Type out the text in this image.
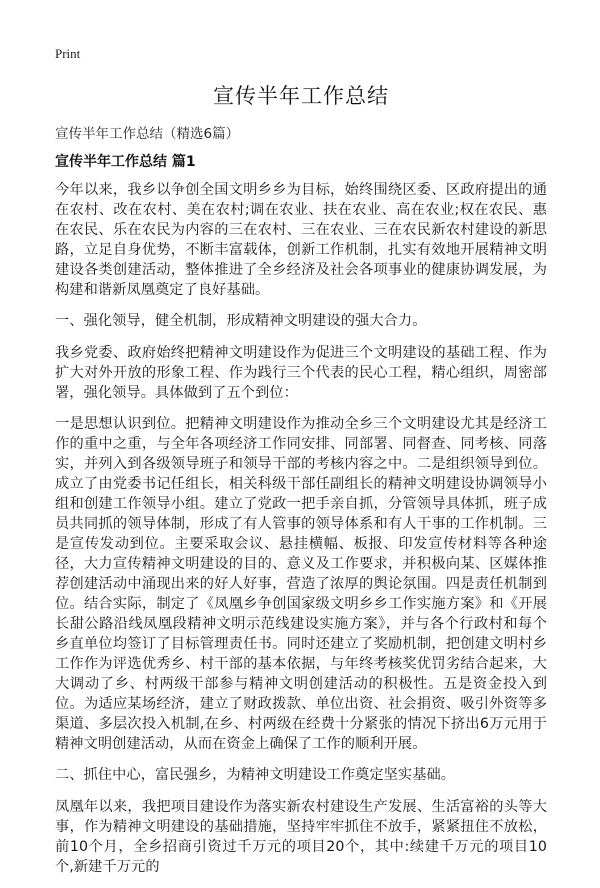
Print
宣传半年工作总结
宣传半年工作总结（精选6篇）
宣传半年工作总结 篇1

今年以来，我乡以争创全国文明乡乡为目标，始终围绕区委、区政府提出的通在农村、改在农村、美在农村;调在农业、扶在农业、高在农业;权在农民、惠在农民、乐在农民为内容的三在农村、三在农业、三在农民新农村建设的新思路，立足自身优势，不断丰富载体，创新工作机制，扎实有效地开展精神文明建设各类创建活动，整体推进了全乡经济及社会各项事业的健康协调发展，为构建和谐新凤凰奠定了良好基础。

一、强化领导，健全机制，形成精神文明建设的强大合力。

我乡党委、政府始终把精神文明建设作为促进三个文明建设的基础工程、作为扩大对外开放的形象工程、作为践行三个代表的民心工程，精心组织，周密部署，强化领导。具体做到了五个到位：

一是思想认识到位。把精神文明建设作为推动全乡三个文明建设尤其是经济工作的重中之重，与全年各项经济工作同安排、同部署、同督查、同考核、同落实，并列入到各级领导班子和领导干部的考核内容之中。二是组织领导到位。成立了由党委书记任组长，相关科级干部任副组长的精神文明建设协调领导小组和创建工作领导小组。建立了党政一把手亲自抓，分管领导具体抓，班子成员共同抓的领导体制，形成了有人管事的领导体系和有人干事的工作机制。三是宣传发动到位。主要采取会议、悬挂横幅、板报、印发宣传材料等各种途径，大力宣传精神文明建设的目的、意义及工作要求，并积极向某、区媒体推荐创建活动中涌现出来的好人好事，营造了浓厚的舆论氛围。四是责任机制到位。结合实际，制定了《凤凰乡争创国家级文明乡乡工作实施方案》和《开展长甜公路沿线凤凰段精神文明示范线建设实施方案》，并与各个行政村和每个乡直单位均签订了目标管理责任书。同时还建立了奖励机制，把创建文明村乡工作作为评选优秀乡、村干部的基本依据，与年终考核奖优罚劣结合起来，大大调动了乡、村两级干部参与精神文明创建活动的积极性。五是资金投入到位。为适应某场经济，建立了财政拨款、单位出资、社会捐资、吸引外资等多渠道、多层次投入机制,在乡、村两级在经费十分紧张的情况下挤出6万元用于精神文明创建活动，从而在资金上确保了工作的顺利开展。

二、抓住中心，富民强乡，为精神文明建设工作奠定坚实基础。

凤凰年以来，我把项目建设作为落实新农村建设生产发展、生活富裕的头等大事，作为精神文明建设的基础措施，坚持牢牢抓住不放手，紧紧扭住不放松，前10个月，全乡招商引资过千万元的项目20个，其中:续建千万元的项目10个,新建千万元的
